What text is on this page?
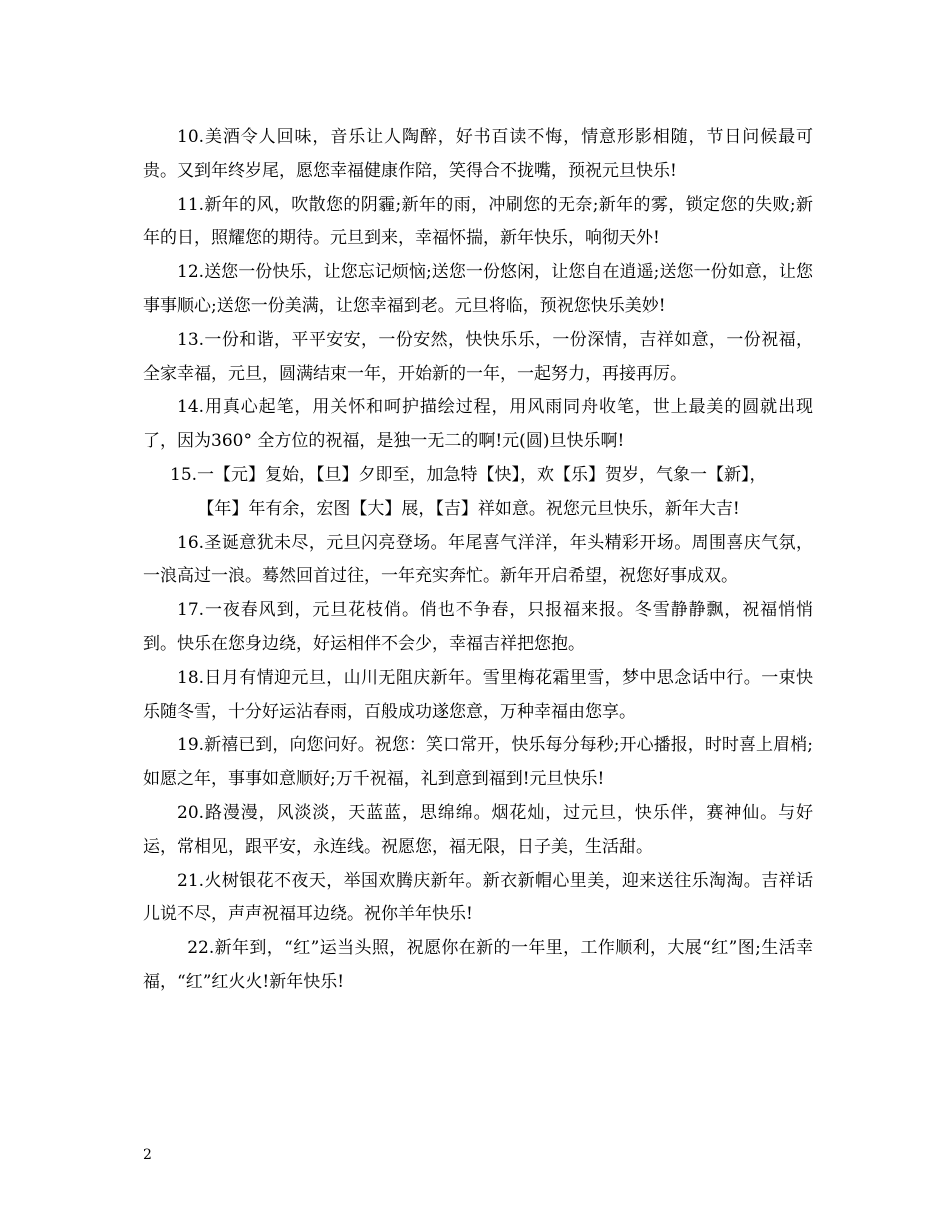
10.美酒令人回味，音乐让人陶醉，好书百读不悔，情意形影相随，节日问候最可贵。又到年终岁尾，愿您幸福健康作陪，笑得合不拢嘴，预祝元旦快乐!

11.新年的风，吹散您的阴霾;新年的雨，冲刷您的无奈;新年的雾，锁定您的失败;新年的日，照耀您的期待。元旦到来，幸福怀揣，新年快乐，响彻天外!

12.送您一份快乐，让您忘记烦恼;送您一份悠闲，让您自在逍遥;送您一份如意，让您事事顺心;送您一份美满，让您幸福到老。元旦将临，预祝您快乐美妙!

13.一份和谐，平平安安，一份安然，快快乐乐，一份深情，吉祥如意，一份祝福，全家幸福，元旦，圆满结束一年，开始新的一年，一起努力，再接再厉。

14.用真心起笔，用关怀和呵护描绘过程，用风雨同舟收笔，世上最美的圆就出现了，因为360° 全方位的祝福，是独一无二的啊!元(圆)旦快乐啊!

15.一【元】复始，【旦】夕即至，加急特【快】，欢【乐】贺岁，气象一【新】，

【年】年有余，宏图【大】展，【吉】祥如意。祝您元旦快乐，新年大吉!

16.圣诞意犹未尽，元旦闪亮登场。年尾喜气洋洋，年头精彩开场。周围喜庆气氛，一浪高过一浪。蓦然回首过往，一年充实奔忙。新年开启希望，祝您好事成双。

17.一夜春风到，元旦花枝俏。俏也不争春，只报福来报。冬雪静静飘，祝福悄悄到。快乐在您身边绕，好运相伴不会少，幸福吉祥把您抱。

18.日月有情迎元旦，山川无阻庆新年。雪里梅花霜里雪，梦中思念话中行。一束快乐随冬雪，十分好运沾春雨，百般成功遂您意，万种幸福由您享。

19.新禧已到，向您问好。祝您：笑口常开，快乐每分每秒;开心播报，时时喜上眉梢;如愿之年，事事如意顺好;万千祝福，礼到意到福到!元旦快乐!

20.路漫漫，风淡淡，天蓝蓝，思绵绵。烟花灿，过元旦，快乐伴，赛神仙。与好运，常相见，跟平安，永连线。祝愿您，福无限，日子美，生活甜。

21.火树银花不夜天，举国欢腾庆新年。新衣新帽心里美，迎来送往乐淘淘。吉祥话儿说不尽，声声祝福耳边绕。祝你羊年快乐!

22.新年到，“红”运当头照，祝愿你在新的一年里，工作顺利，大展“红”图;生活幸福，“红”红火火!新年快乐!

2
